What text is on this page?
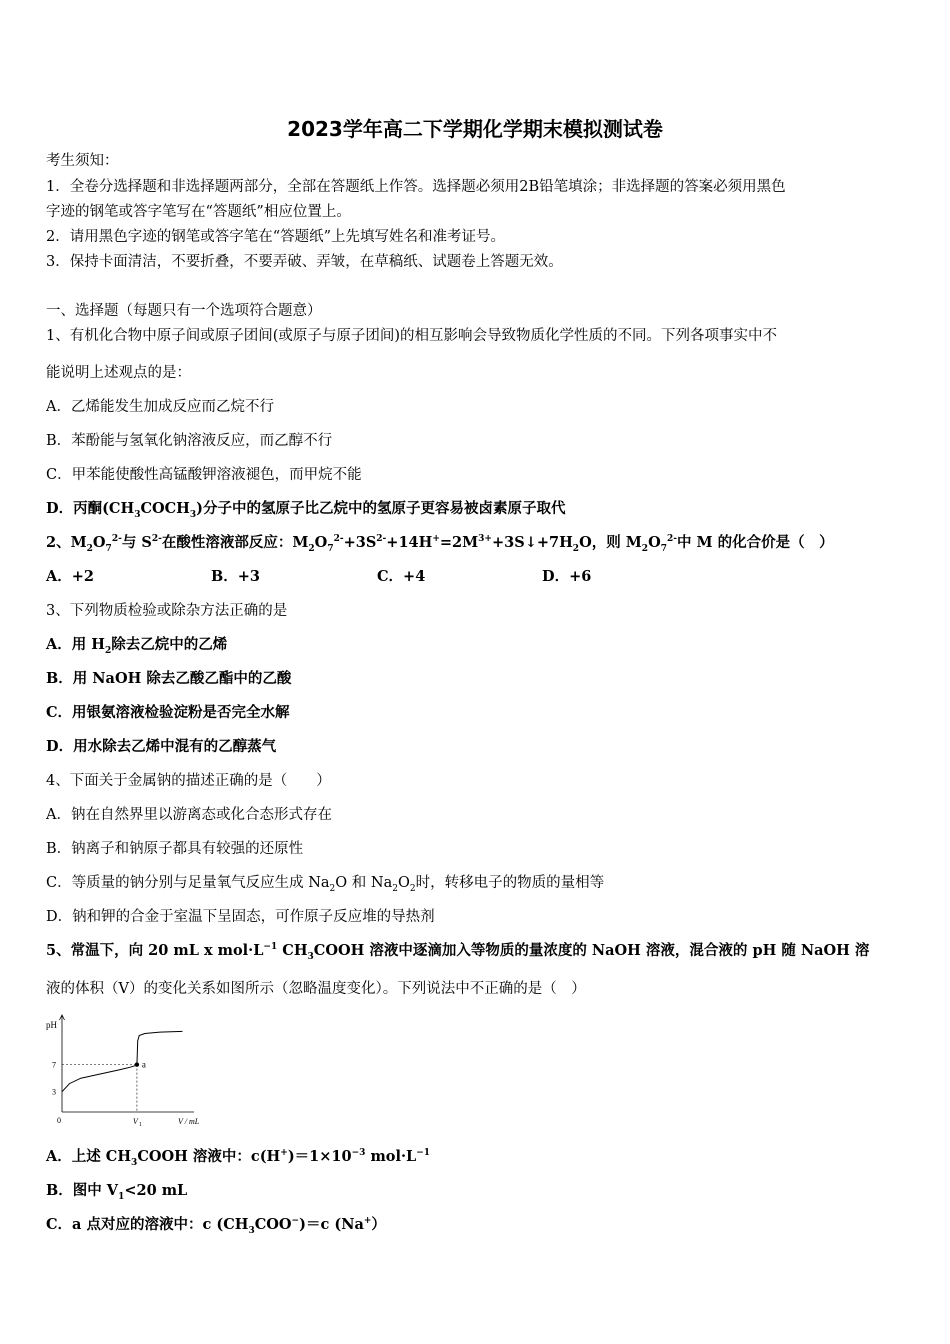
2023学年高二下学期化学期末模拟测试卷
考生须知：
1．全卷分选择题和非选择题两部分，全部在答题纸上作答。选择题必须用2B铅笔填涂；非选择题的答案必须用黑色
字迹的钢笔或答字笔写在“答题纸”相应位置上。
2．请用黑色字迹的钢笔或答字笔在“答题纸”上先填写姓名和准考证号。
3．保持卡面清洁，不要折叠，不要弄破、弄皱，在草稿纸、试题卷上答题无效。
一、选择题（每题只有一个选项符合题意）
1、有机化合物中原子间或原子团间(或原子与原子团间)的相互影响会导致物质化学性质的不同。下列各项事实中不
能说明上述观点的是：
A．乙烯能发生加成反应而乙烷不行
B．苯酚能与氢氧化钠溶液反应，而乙醇不行
C．甲苯能使酸性高锰酸钾溶液褪色，而甲烷不能
D．丙酮$(CH_3COCH_3)$分子中的氢原子比乙烷中的氢原子更容易被卤素原子取代
2、$M_2O_7^{2-}$与 $S^{2-}$在酸性溶液部反应：$M_2O_7^{2-}+3S^{2-}+14H^+=2M^{3+}+3S↓+7H_2O$，则 $M_2O_7^{2-}$中 M 的化合价是（　）
A．+2	B．+3	C．+4	D．+6
3、下列物质检验或除杂方法正确的是
A．用 $H_2$除去乙烷中的乙烯
B．用 NaOH 除去乙酸乙酯中的乙酸
C．用银氨溶液检验淀粉是否完全水解
D．用水除去乙烯中混有的乙醇蒸气
4、下面关于金属钠的描述正确的是（　　）
A．钠在自然界里以游离态或化合态形式存在
B．钠离子和钠原子都具有较强的还原性
C．等质量的钠分别与足量氧气反应生成 $Na_2O$ 和 $Na_2O_2$时，转移电子的物质的量相等
D．钠和钾的合金于室温下呈固态，可作原子反应堆的导热剂
5、常温下，向 20 mL x $mol\cdot L^{-1}$ $CH_3COOH$ 溶液中逐滴加入等物质的量浓度的 NaOH 溶液，混合液的 pH 随 NaOH 溶
液的体积（V）的变化关系如图所示（忽略温度变化）。下列说法中不正确的是（　）
pH
V / mL
0
3
7
V 1
a
A．上述 $CH_3COOH$ 溶液中：$c(H^+)=1\times 10^{-3}$ $mol\cdot L^{-1}$
B．图中 $V_1<20$ mL
C．a 点对应的溶液中：c $(CH_3COO^-)=c$ (Na+）
